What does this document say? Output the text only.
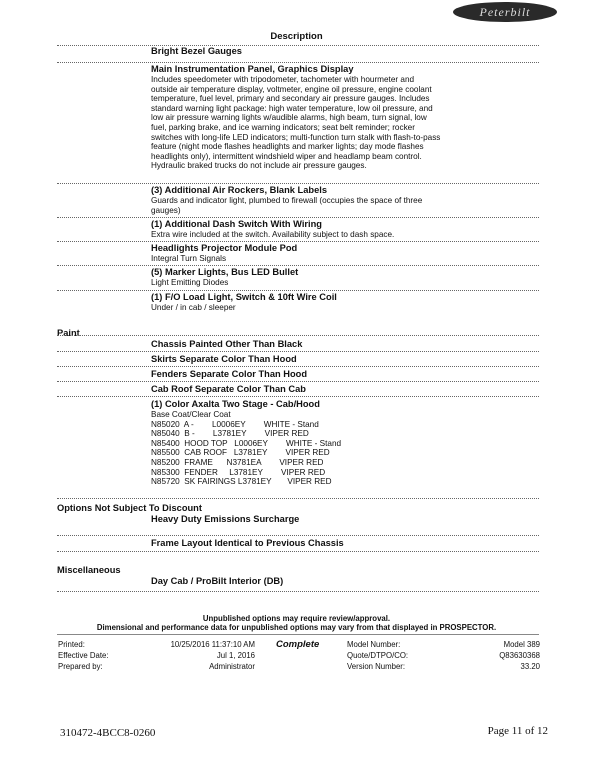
Peterbilt
Description
Bright Bezel Gauges
Main Instrumentation Panel, Graphics Display
Includes speedometer with tripodometer, tachometer with hourmeter and outside air temperature display, voltmeter, engine oil pressure, engine coolant temperature, fuel level, primary and secondary air pressure gauges. Includes standard warning light package: high water temperature, low oil pressure, and low air pressure warning lights w/audible alarms, high beam, turn signal, low fuel, parking brake, and ice warning indicators; seat belt reminder; rocker switches with long-life LED indicators; multi-function turn stalk with flash-to-pass feature (night mode flashes headlights and marker lights; day mode flashes headlights only), intermittent windshield wiper and headlamp beam control. Hydraulic braked trucks do not include air pressure gauges.
(3) Additional Air Rockers, Blank Labels
Guards and indicator light, plumbed to firewall (occupies the space of three gauges)
(1) Additional Dash Switch With Wiring
Extra wire included at the switch. Availability subject to dash space.
Headlights Projector Module Pod
Integral Turn Signals
(5) Marker Lights, Bus LED Bullet
Light Emitting Diodes
(1) F/O Load Light, Switch & 10ft Wire Coil
Under / in cab / sleeper
Paint
Chassis Painted Other Than Black
Skirts Separate Color Than Hood
Fenders Separate Color Than Hood
Cab Roof Separate Color Than Cab
(1) Color Axalta Two Stage - Cab/Hood
Base Coat/Clear Coat
N85020  A -        L0006EY        WHITE - Stand
N85040  B -        L3781EY        VIPER RED
N85400  HOOD TOP   L0006EY        WHITE - Stand
N85500  CAB ROOF   L3781EY        VIPER RED
N85200  FRAME      N3781EA        VIPER RED
N85300  FENDER     L3781EY        VIPER RED
N85720  SK FAIRINGS L3781EY       VIPER RED
Options Not Subject To Discount
Heavy Duty Emissions Surcharge
Frame Layout Identical to Previous Chassis
Miscellaneous
Day Cab / ProBilt Interior (DB)
Unpublished options may require review/approval.
Dimensional and performance data for unpublished options may vary from that displayed in PROSPECTOR.
Printed:
Effective Date:
Prepared by:
10/25/2016 11:37:10 AM
Jul 1, 2016
Administrator
Complete	Model Number:
Quote/DTPO/CO:
Version Number:
Model 389
Q83630368
33.20
310472-4BCC8-0260	Page 11 of 12
